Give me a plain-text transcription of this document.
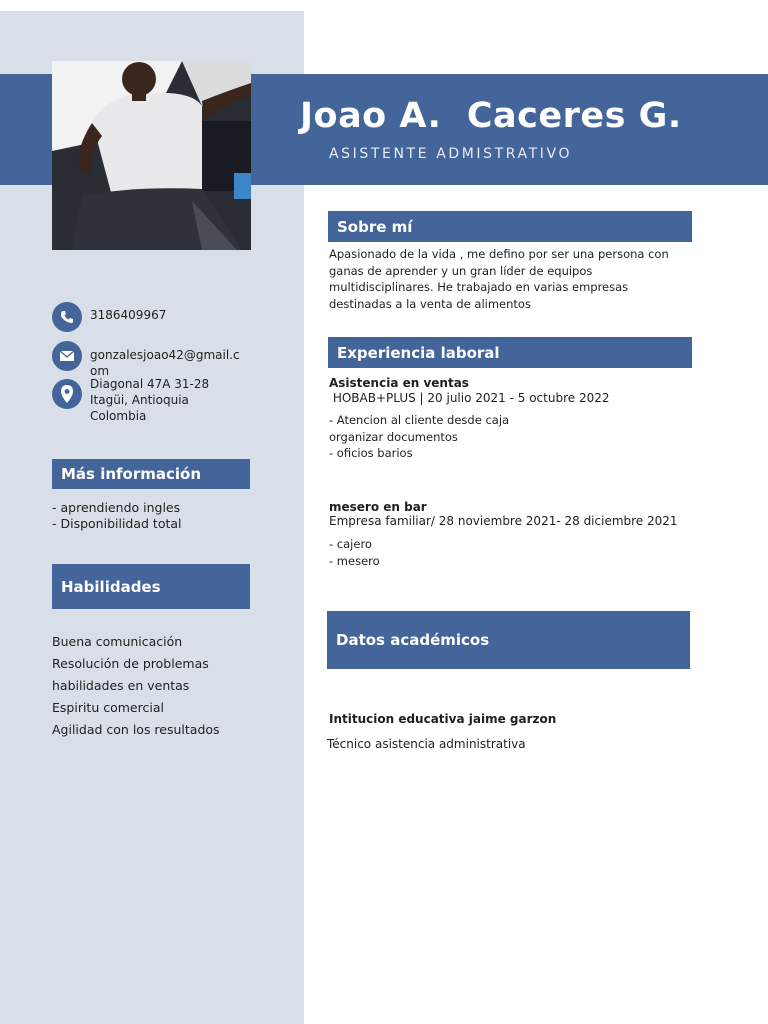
Joao A.  Caceres G.
ASISTENTE ADMISTRATIVO
3186409967
gonzalesjoao42@gmail.com
Diagonal 47A 31-28
Itagüi, Antioquia
Colombia
Más información
- aprendiendo ingles
- Disponibilidad total
Habilidades
Buena comunicación
Resolución de problemas
habilidades en ventas
Espiritu comercial
Agilidad con los resultados
Sobre mí
Apasionado de la vida , me defino por ser una persona con ganas de aprender y un gran líder de equipos multidisciplinares. He trabajado en varias empresas destinadas a la venta de alimentos
Experiencia laboral
Asistencia en ventas
HOBAB+PLUS | 20 julio 2021 - 5 octubre 2022
- Atencion al cliente desde caja
organizar documentos
- oficios barios
mesero en bar
Empresa familiar/ 28 noviembre 2021- 28 diciembre 2021
- cajero
- mesero
Datos académicos
Intitucion educativa jaime garzon
Técnico asistencia administrativa
